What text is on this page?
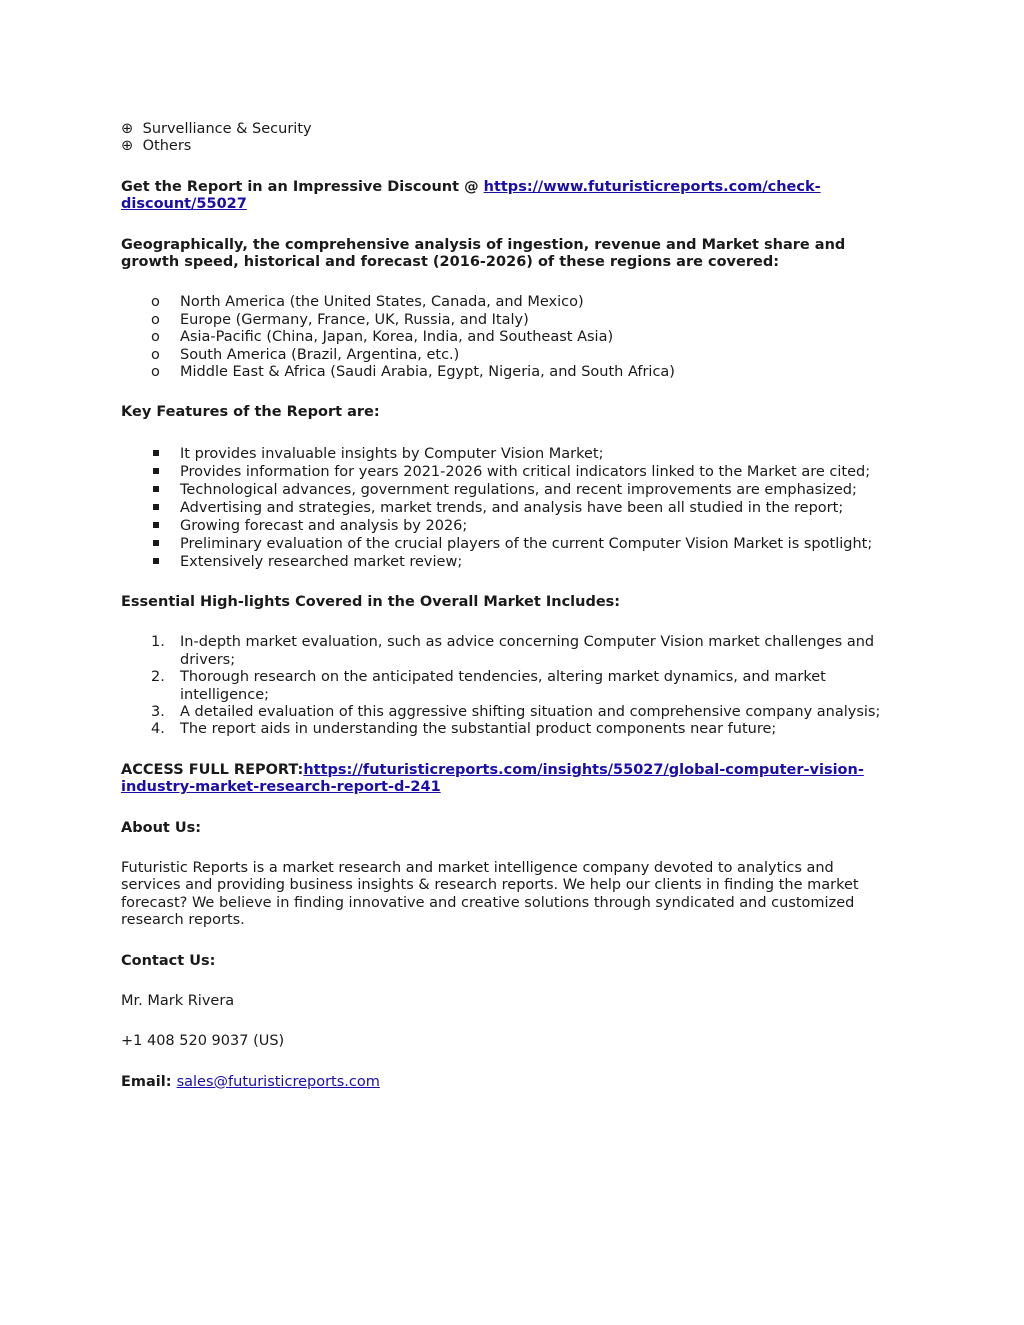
⊕ Survelliance & Security

⊕ Others

Get the Report in an Impressive Discount @ https://www.futuristicreports.com/check-discount/55027

Geographically, the comprehensive analysis of ingestion, revenue and Market share and growth speed, historical and forecast (2016-2026) of these regions are covered:

o	North America (the United States, Canada, and Mexico)
o	Europe (Germany, France, UK, Russia, and Italy)
o	Asia-Pacific (China, Japan, Korea, India, and Southeast Asia)
o	South America (Brazil, Argentina, etc.)
o	Middle East & Africa (Saudi Arabia, Egypt, Nigeria, and South Africa)

Key Features of the Report are:

It provides invaluable insights by Computer Vision Market;
Provides information for years 2021-2026 with critical indicators linked to the Market are cited;
Technological advances, government regulations, and recent improvements are emphasized;
Advertising and strategies, market trends, and analysis have been all studied in the report;
Growing forecast and analysis by 2026;
Preliminary evaluation of the crucial players of the current Computer Vision Market is spotlight;
Extensively researched market review;

Essential High-lights Covered in the Overall Market Includes:

1.	In-depth market evaluation, such as advice concerning Computer Vision market challenges and drivers;
2.	Thorough research on the anticipated tendencies, altering market dynamics, and market intelligence;
3.	A detailed evaluation of this aggressive shifting situation and comprehensive company analysis;
4.	The report aids in understanding the substantial product components near future;

ACCESS FULL REPORT:https://futuristicreports.com/insights/55027/global-computer-vision-industry-market-research-report-d-241

About Us:

Futuristic Reports is a market research and market intelligence company devoted to analytics and services and providing business insights & research reports. We help our clients in finding the market forecast? We believe in finding innovative and creative solutions through syndicated and customized research reports.

Contact Us:

Mr. Mark Rivera

+1 408 520 9037 (US)

Email: sales@futuristicreports.com
